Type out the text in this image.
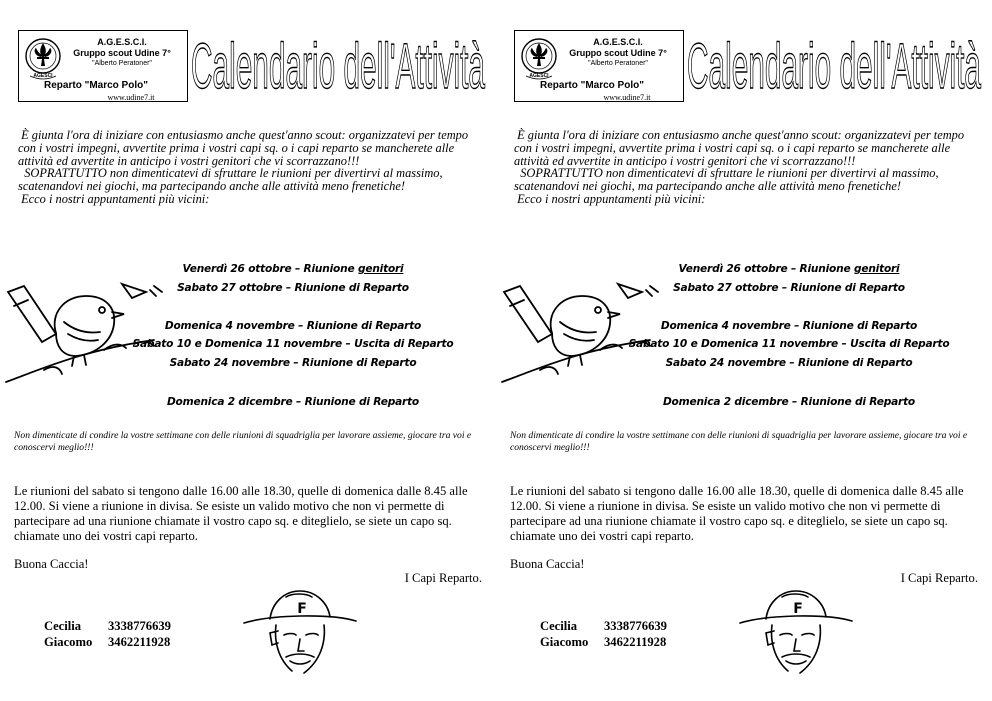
AGESCI
A.G.E.S.C.I.
Gruppo scout Udine 7°
"Alberto Peratoner"
Reparto "Marco Polo"
www.udine7.it Calendario dell'Attività

È giunta l'ora di iniziare con entusiasmo anche quest'anno scout: organizzatevi per tempo con i vostri impegni, avvertite prima i vostri capi sq. o i capi reparto se mancherete alle attività ed avvertite in anticipo i vostri genitori che vi scorrazzano!!!

SOPRATTUTTO non dimenticatevi di sfruttare le riunioni per divertirvi al massimo, scatenandovi nei giochi, ma partecipando anche alle attività meno frenetiche!

Ecco i nostri appuntamenti più vicini:

Venerdì 26 ottobre – Riunione genitori
Sabato 27 ottobre – Riunione di Reparto
Domenica 4 novembre – Riunione di Reparto
Sabato 10 e Domenica 11 novembre – Uscita di Reparto
Sabato 24 novembre – Riunione di Reparto
Domenica 2 dicembre – Riunione di Reparto
Non dimenticate di condire la vostre settimane con delle riunioni di squadriglia per lavorare assieme, giocare tra voi e conoscervi meglio!!!
Le riunioni del sabato si tengono dalle 16.00 alle 18.30, quelle di domenica dalle 8.45 alle 12.00. Si viene a riunione in divisa. Se esiste un valido motivo che non vi permette di partecipare ad una riunione chiamate il vostro capo sq. e diteglielo, se siete un capo sq. chiamate uno dei vostri capi reparto.
Buona Caccia!
I Capi Reparto.
Cecilia 3338776639
Giacomo 3462211928
F
AGESCI
A.G.E.S.C.I.
Gruppo scout Udine 7°
"Alberto Peratoner"
Reparto "Marco Polo"
www.udine7.it Calendario dell'Attività

È giunta l'ora di iniziare con entusiasmo anche quest'anno scout: organizzatevi per tempo con i vostri impegni, avvertite prima i vostri capi sq. o i capi reparto se mancherete alle attività ed avvertite in anticipo i vostri genitori che vi scorrazzano!!!

SOPRATTUTTO non dimenticatevi di sfruttare le riunioni per divertirvi al massimo, scatenandovi nei giochi, ma partecipando anche alle attività meno frenetiche!

Ecco i nostri appuntamenti più vicini:

Venerdì 26 ottobre – Riunione genitori
Sabato 27 ottobre – Riunione di Reparto
Domenica 4 novembre – Riunione di Reparto
Sabato 10 e Domenica 11 novembre – Uscita di Reparto
Sabato 24 novembre – Riunione di Reparto
Domenica 2 dicembre – Riunione di Reparto
Non dimenticate di condire la vostre settimane con delle riunioni di squadriglia per lavorare assieme, giocare tra voi e conoscervi meglio!!!
Le riunioni del sabato si tengono dalle 16.00 alle 18.30, quelle di domenica dalle 8.45 alle 12.00. Si viene a riunione in divisa. Se esiste un valido motivo che non vi permette di partecipare ad una riunione chiamate il vostro capo sq. e diteglielo, se siete un capo sq. chiamate uno dei vostri capi reparto.
Buona Caccia!
I Capi Reparto.
Cecilia 3338776639
Giacomo 3462211928
F
